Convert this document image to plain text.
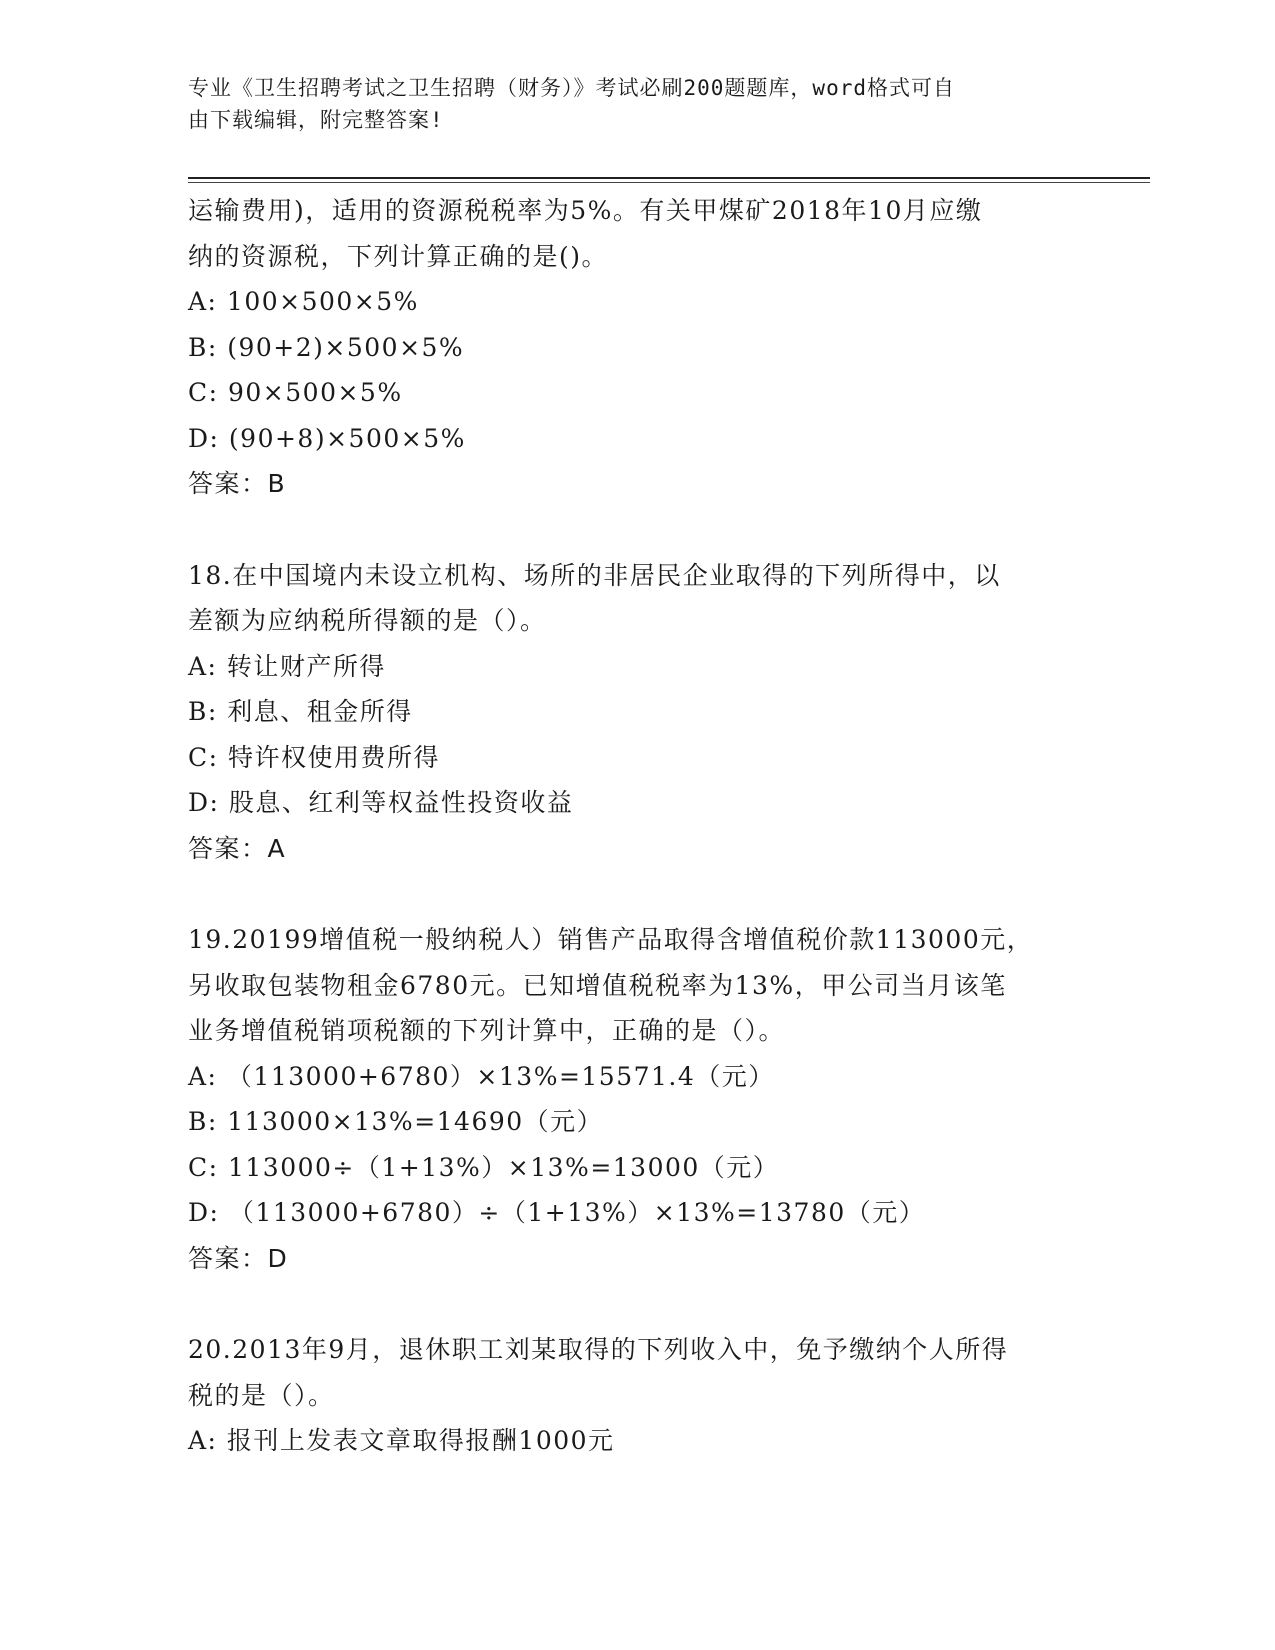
专业《卫生招聘考试之卫生招聘（财务）》考试必刷200题题库，word格式可自
由下载编辑，附完整答案!
运输费用)，适用的资源税税率为5%。有关甲煤矿2018年10月应缴
纳的资源税，下列计算正确的是()。
A: 100×500×5%
B: (90+2)×500×5%
C: 90×500×5%
D: (90+8)×500×5%
答案：B
18.在中国境内未设立机构、场所的非居民企业取得的下列所得中，以
差额为应纳税所得额的是（）。
A: 转让财产所得
B: 利息、租金所得
C: 特许权使用费所得
D: 股息、红利等权益性投资收益
答案：A
19.20199增值税一般纳税人）销售产品取得含增值税价款113000元，
另收取包装物租金6780元。已知增值税税率为13%，甲公司当月该笔
业务增值税销项税额的下列计算中，正确的是（）。
A: （113000+6780）×13%=15571.4（元）
B: 113000×13%=14690（元）
C: 113000÷（1+13%）×13%=13000（元）
D: （113000+6780）÷（1+13%）×13%=13780（元）
答案：D
20.2013年9月，退休职工刘某取得的下列收入中，免予缴纳个人所得
税的是（）。
A: 报刊上发表文章取得报酬1000元
